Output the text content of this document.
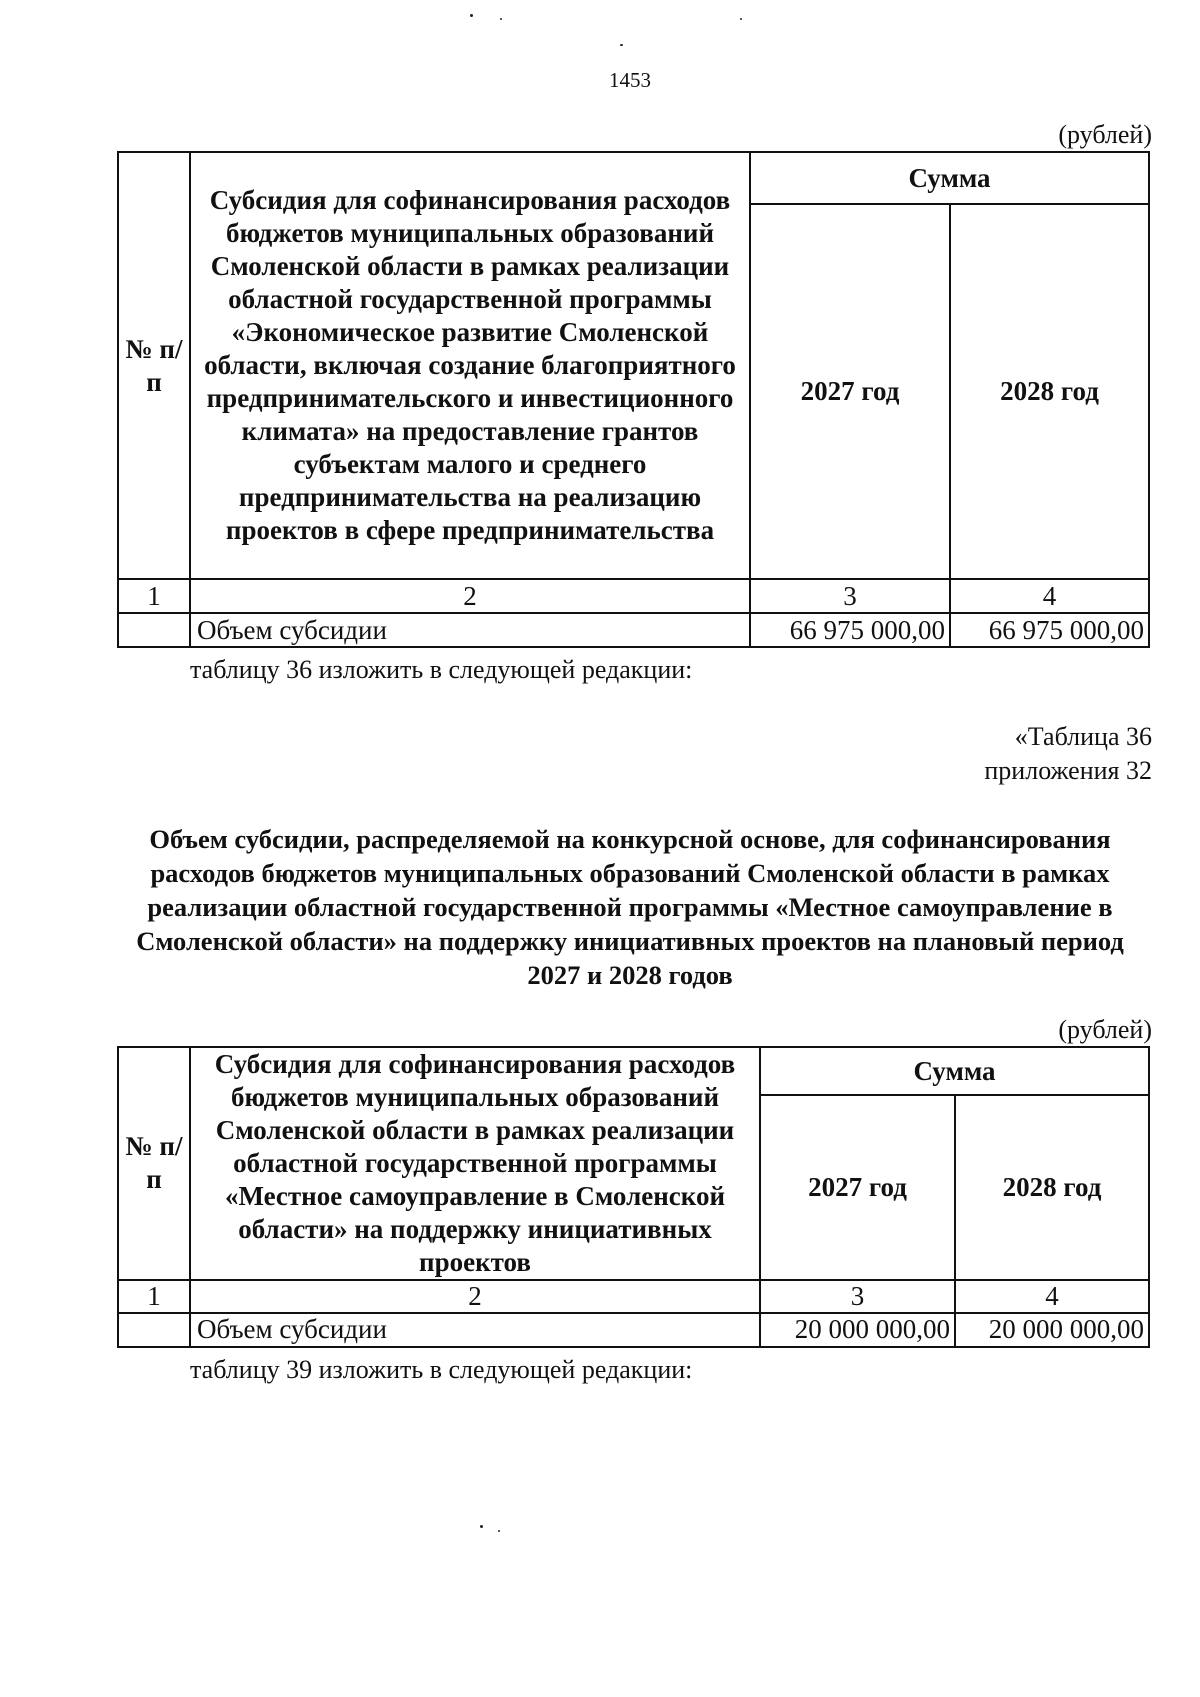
1453
(рублей)
№ п/п	Субсидия для софинансирования расходов бюджетов муниципальных образований Смоленской области в рамках реализации областной государственной программы «Экономическое развитие Смоленской области, включая создание благоприятного предпринимательского и инвестиционного климата» на предоставление грантов субъектам малого и среднего предпринимательства на реализацию проектов в сфере предпринимательства	Сумма	
		2027 год	2028 год
1	2	3	4
	Объем субсидии	66 975 000,00	66 975 000,00
таблицу 36 изложить в следующей редакции:
«Таблица 36
приложения 32
Объем субсидии, распределяемой на конкурсной основе, для софинансирования расходов бюджетов муниципальных образований Смоленской области в рамках реализации областной государственной программы «Местное самоуправление в Смоленской области» на поддержку инициативных проектов на плановый период 2027 и 2028 годов
(рублей)
№ п/п	Субсидия для софинансирования расходов бюджетов муниципальных образований Смоленской области в рамках реализации областной государственной программы «Местное самоуправление в Смоленской области» на поддержку инициативных проектов	Сумма	
		2027 год	2028 год
1	2	3	4
	Объем субсидии	20 000 000,00	20 000 000,00
таблицу 39 изложить в следующей редакции:
